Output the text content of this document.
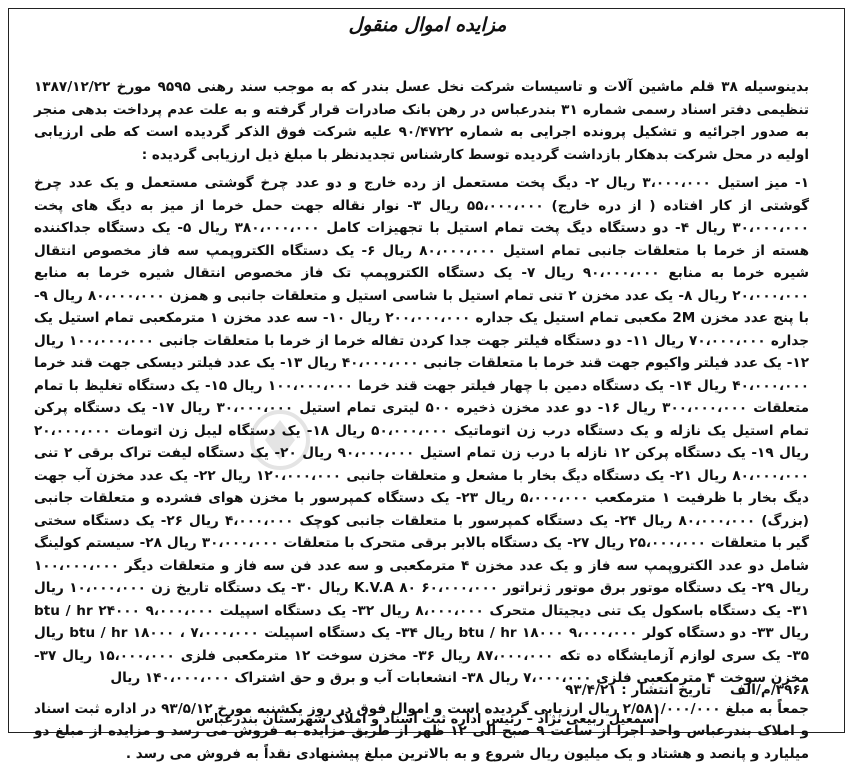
مزایده اموال منقول

بدینوسیله ۳۸ قلم ماشین آلات و تاسیسات شرکت نخل عسل بندر که به موجب سند رهنی ۹۵۹۵ مورخ ۱۳۸۷/۱۲/۲۲ تنظیمی دفتر اسناد رسمی شماره ۳۱ بندرعباس در رهن بانک صادرات قرار گرفته و به علت عدم پرداخت بدهی منجر به صدور اجرائیه و تشکیل پرونده اجرایی به شماره ۹۰/۴۷۲۲ علیه شرکت فوق الذکر گردیده است که طی ارزیابی اولیه در محل شرکت بدهکار بازداشت گردیده توسط کارشناس تجدیدنظر با مبلغ ذیل ارزیابی گردیده :

۱- میز استیل ۳،۰۰۰،۰۰۰ ریال ۲- دیگ پخت مستعمل از رده خارج و دو عدد چرخ گوشتی مستعمل و یک عدد چرخ گوشتی از کار افتاده ( از دره خارج) ۵۵،۰۰۰،۰۰۰ ریال ۳- نوار نقاله جهت حمل خرما از میز به دیگ های پخت ۳۰،۰۰۰،۰۰۰ ریال ۴- دو دستگاه دیگ پخت تمام استیل با تجهیزات کامل ۳۸۰،۰۰۰،۰۰۰ ریال ۵- یک دستگاه جداکننده هسته از خرما با متعلقات جانبی تمام استیل ۸۰،۰۰۰،۰۰۰ ریال ۶- یک دستگاه الکتروپمپ سه فاز مخصوص انتقال شیره خرما به منابع ۹۰،۰۰۰،۰۰۰ ریال ۷- یک دستگاه الکتروپمپ تک فاز مخصوص انتقال شیره خرما به منابع ۲۰،۰۰۰،۰۰۰ ریال ۸- یک عدد مخزن ۲ تنی تمام استیل با شاسی استیل و متعلقات جانبی و همزن ۸۰،۰۰۰،۰۰۰ ریال ۹- با پنج عدد مخزن 2M مکعبی تمام استیل یک جداره ۲۰۰،۰۰۰،۰۰۰ ریال ۱۰- سه عدد مخزن ۱ مترمکعبی تمام استیل یک جداره ۷۰،۰۰۰،۰۰۰ ریال ۱۱- دو دستگاه فیلتر جهت جدا کردن تفاله خرما از خرما با متعلقات جانبی ۱۰۰،۰۰۰،۰۰۰ ریال ۱۲- یک عدد فیلتر واکیوم جهت قند خرما با متعلقات جانبی ۴۰،۰۰۰،۰۰۰ ریال ۱۳- یک عدد فیلتر دیسکی جهت قند خرما ۴۰،۰۰۰،۰۰۰ ریال ۱۴- یک دستگاه دمین با چهار فیلتر جهت قند خرما ۱۰۰،۰۰۰،۰۰۰ ریال ۱۵- یک دستگاه تغلیظ با تمام متعلقات ۳۰۰،۰۰۰،۰۰۰ ریال ۱۶- دو عدد مخزن ذخیره ۵۰۰ لیتری تمام استیل ۳۰،۰۰۰،۰۰۰ ریال ۱۷- یک دستگاه پرکن تمام استیل یک نازله و یک دستگاه درب زن اتوماتیک ۵۰،۰۰۰،۰۰۰ ریال ۱۸- یک دستگاه لیبل زن اتومات ۲۰،۰۰۰،۰۰۰ ریال ۱۹- یک دستگاه پرکن ۱۲ نازله با درب زن تمام استیل ۹۰،۰۰۰،۰۰۰ ریال ۲۰- یک دستگاه لیفت تراک برقی ۲ تنی ۸۰،۰۰۰،۰۰۰ ریال ۲۱- یک دستگاه دیگ بخار با مشعل و متعلقات جانبی ۱۲۰،۰۰۰،۰۰۰ ریال ۲۲- یک عدد مخزن آب جهت دیگ بخار با ظرفیت ۱ مترمکعب ۵،۰۰۰،۰۰۰ ریال ۲۳- یک دستگاه کمپرسور با مخزن هوای فشرده و متعلقات جانبی (بزرگ) ۸۰،۰۰۰،۰۰۰ ریال ۲۴- یک دستگاه کمپرسور با متعلقات جانبی کوچک ۴،۰۰۰،۰۰۰ ریال ۲۶- یک دستگاه سختی گیر با متعلقات ۲۵،۰۰۰،۰۰۰ ریال ۲۷- یک دستگاه بالابر برقی متحرک با متعلقات ۳۰،۰۰۰،۰۰۰ ریال ۲۸- سیستم کولینگ شامل دو عدد الکتروپمپ سه فاز و یک عدد مخزن ۴ مترمکعبی و سه عدد فن سه فاز و متعلقات دیگر ۱۰۰،۰۰۰،۰۰۰ ریال ۲۹- یک دستگاه موتور برق موتور ژنراتور K.V.A ۸۰ ۶۰،۰۰۰،۰۰۰ ریال ۳۰- یک دستگاه تاریخ زن ۱۰،۰۰۰،۰۰۰ ریال ۳۱- یک دستگاه باسکول یک تنی دیجیتال متحرک ۸،۰۰۰،۰۰۰ ریال ۳۲- یک دستگاه اسپیلت btu / hr ۲۴۰۰۰ ۹،۰۰۰،۰۰۰ ریال ۳۳- دو دستگاه کولر btu / hr ۱۸۰۰۰ ۹،۰۰۰،۰۰۰ ریال ۳۴- یک دستگاه اسپیلت btu / hr ۱۸۰۰۰ ، ۷،۰۰۰،۰۰۰ ریال ۳۵- یک سری لوازم آزمایشگاه ده تکه ۸۷،۰۰۰،۰۰۰ ریال ۳۶- مخزن سوخت ۱۲ مترمکعبی فلزی ۱۵،۰۰۰،۰۰۰ ریال ۳۷- مخزن سوخت ۴ مترمکعبی فلزی ۷،۰۰۰،۰۰۰ ریال ۳۸- انشعابات آب و برق و حق اشتراک ۱۴۰،۰۰۰،۰۰۰ ریال

جمعاً به مبلغ ۲/۵۸۱/۰۰۰/۰۰۰ ریال ارزیابی گردیده است و اموال فوق در روز یکشنبه مورخ ۹۳/۵/۱۲ در اداره ثبت اسناد و املاک بندرعباس واحد اجرا از ساعت ۹ صبح الی ۱۲ ظهر از طریق مزایده به فروش می رسد و مزایده از مبلغ دو میلیارد و پانصد و هشتاد و یک میلیون ریال شروع و به بالاترین مبلغ پیشنهادی نقداً به فروش می رسد .

۳۹۶۸/م/الف تاریخ انتشار : ۹۳/۴/۲۱
اسمعیل ربیعی نژاد – رئیس اداره ثبت اسناد و املاک شهرستان بندرعباس
